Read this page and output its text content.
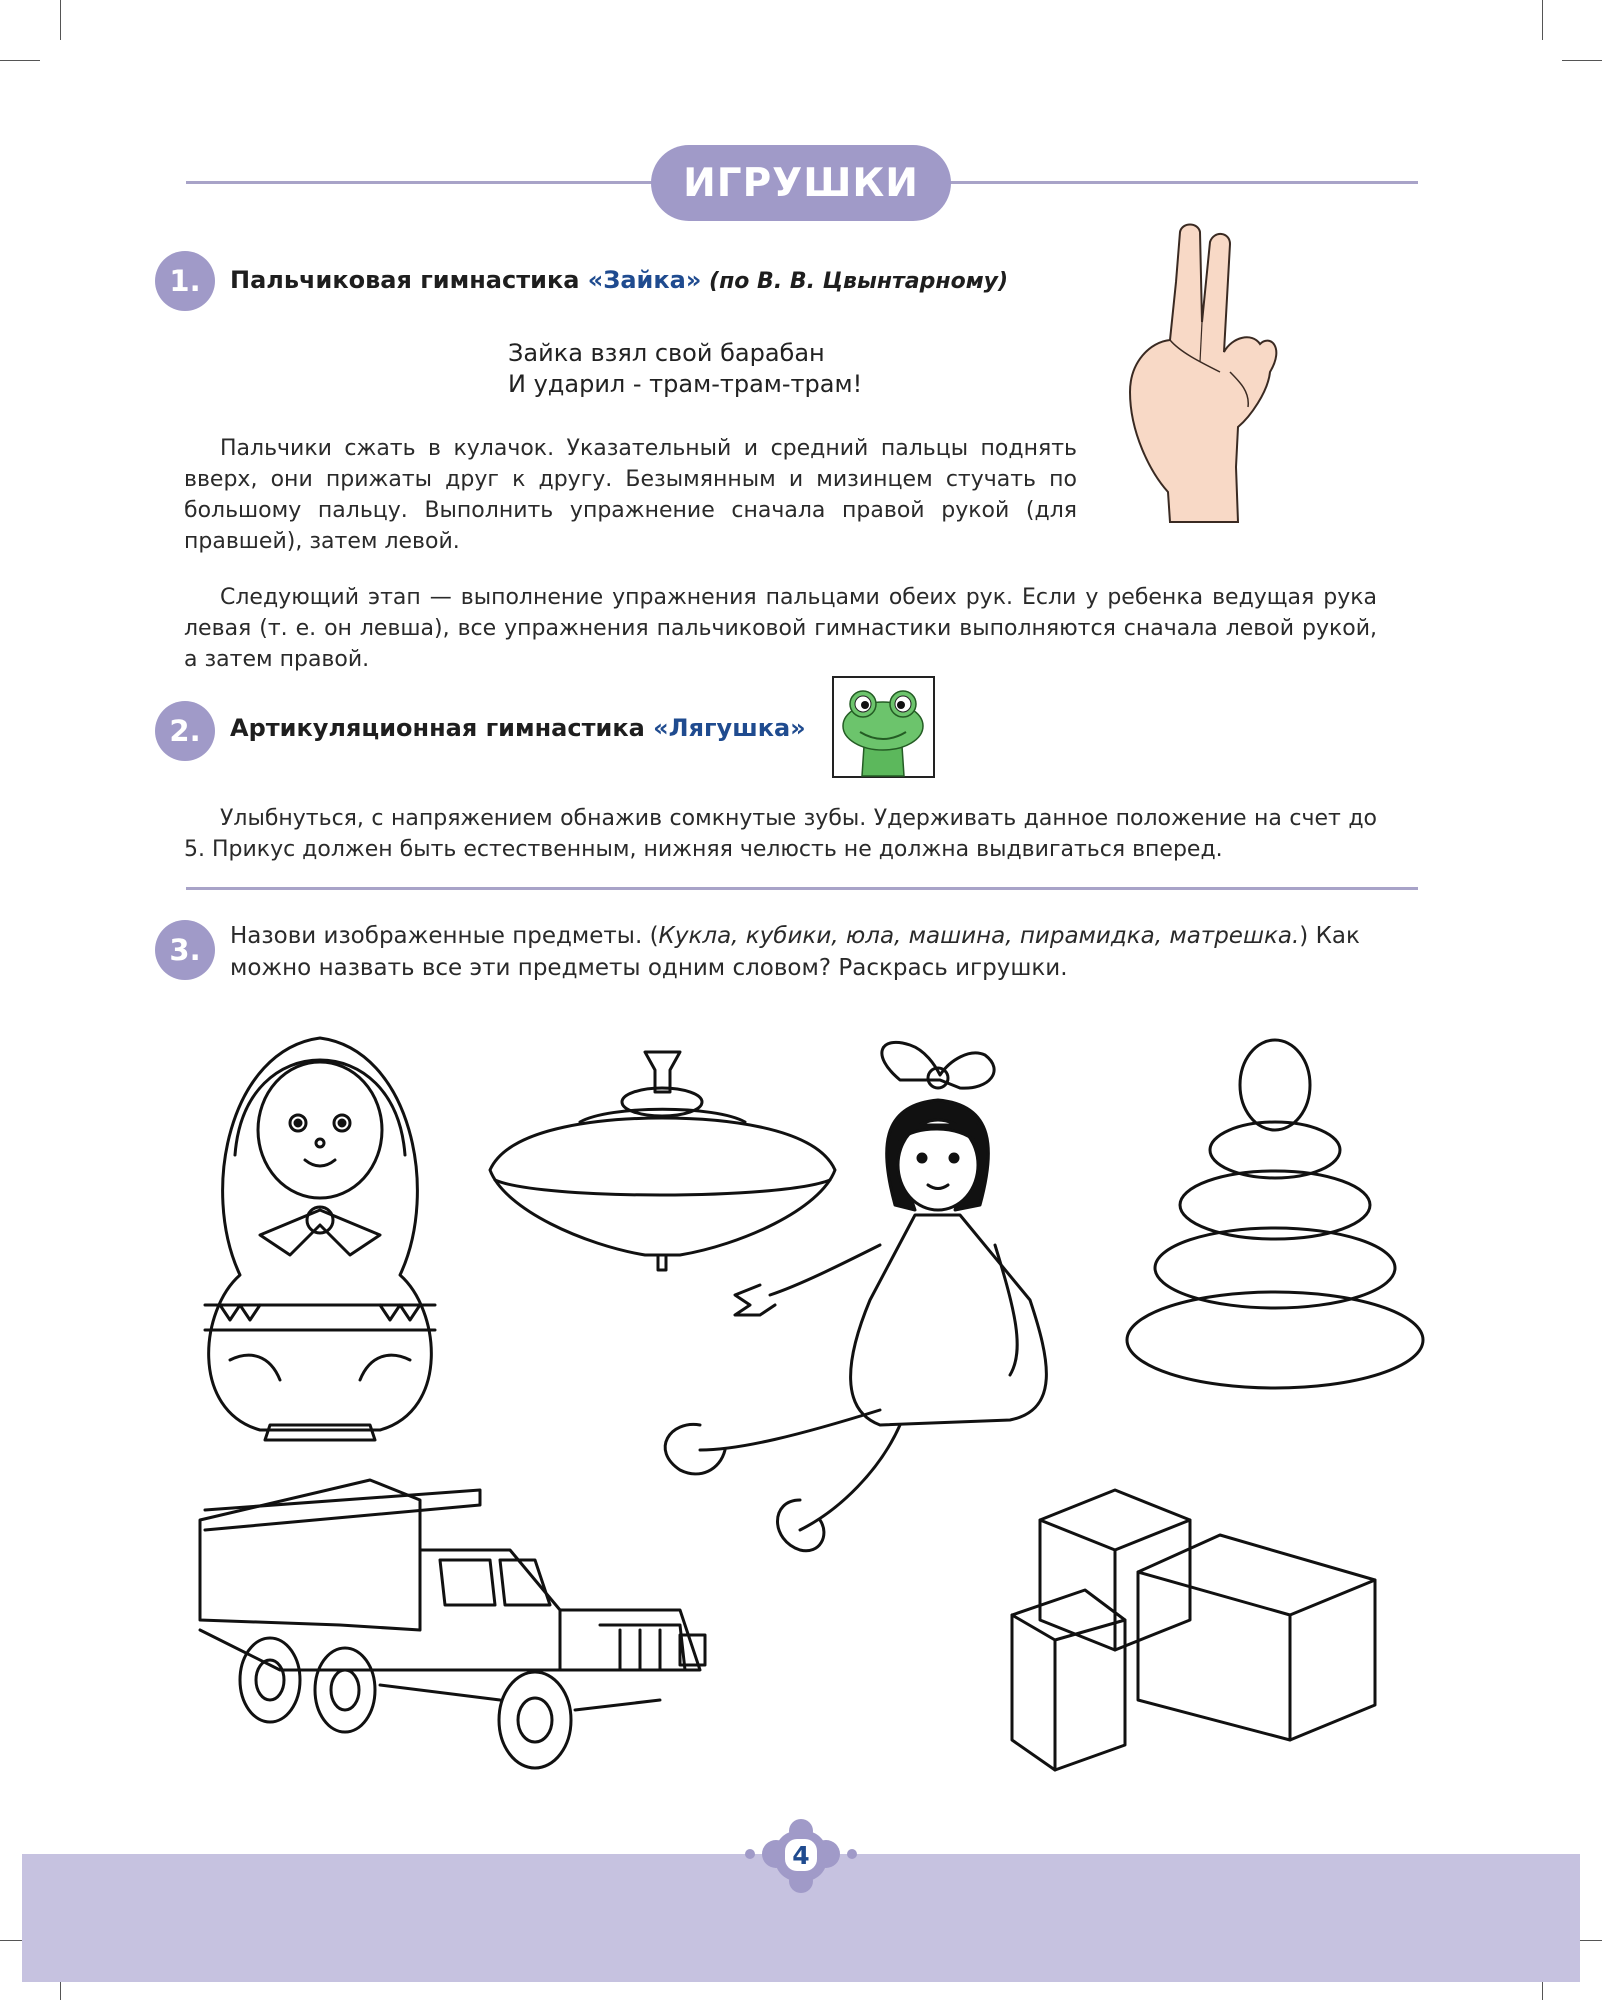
ИГРУШКИ
1.	Пальчиковая гимнастика «Зайка» (по В. В. Цвынтарному)
Зайка взял свой барабан
И ударил - трам-трам-трам!
Пальчики сжать в кулачок. Указательный и средний пальцы поднять вверх, они прижаты друг к другу. Безымянным и мизинцем стучать по большому пальцу. Выполнить упражнение сначала правой рукой (для правшей), затем левой.
Следующий этап — выполнение упражнения пальцами обеих рук. Если у ребенка ведущая рука левая (т. е. он левша), все упражнения пальчиковой гимнастики выполняются сначала левой рукой, а затем правой.
2.	Артикуляционная гимнастика «Лягушка»
Улыбнуться, с напряжением обнажив сомкнутые зубы. Удерживать данное положение на счет до 5. Прикус должен быть естественным, нижняя челюсть не должна выдвигаться вперед.
3.	Назови изображенные предметы. (Кукла, кубики, юла, машина, пирамидка, матрешка.) Как можно назвать все эти предметы одним словом? Раскрась игрушки.
4
